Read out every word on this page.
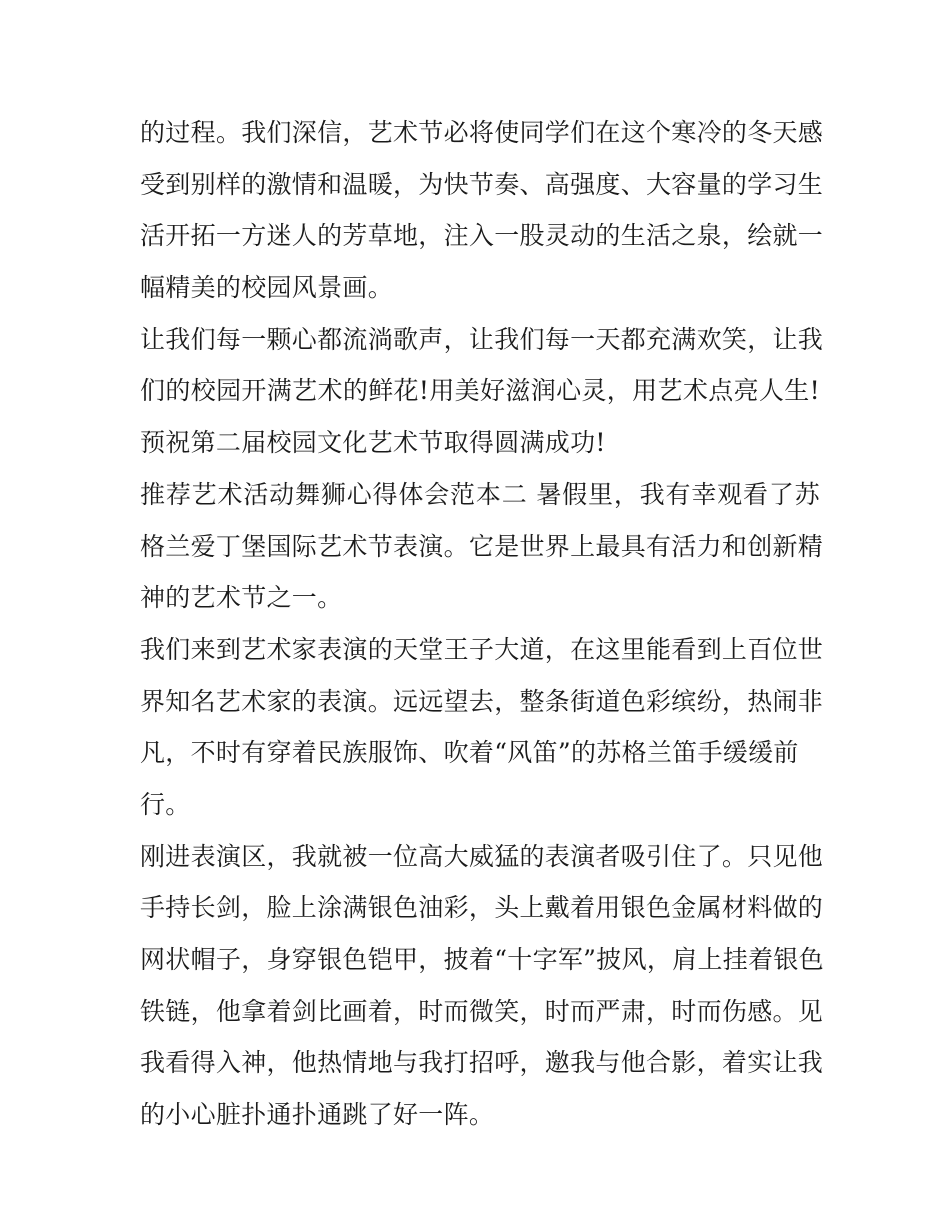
的过程。我们深信，艺术节必将使同学们在这个寒冷的冬天感
受到别样的激情和温暖，为快节奏、高强度、大容量的学习生
活开拓一方迷人的芳草地，注入一股灵动的生活之泉，绘就一
幅精美的校园风景画。
让我们每一颗心都流淌歌声，让我们每一天都充满欢笑，让我
们的校园开满艺术的鲜花!用美好滋润心灵，用艺术点亮人生!
预祝第二届校园文化艺术节取得圆满成功!
推荐艺术活动舞狮心得体会范本二 暑假里，我有幸观看了苏
格兰爱丁堡国际艺术节表演。它是世界上最具有活力和创新精
神的艺术节之一。
我们来到艺术家表演的天堂王子大道，在这里能看到上百位世
界知名艺术家的表演。远远望去，整条街道色彩缤纷，热闹非
凡，不时有穿着民族服饰、吹着“风笛”的苏格兰笛手缓缓前
行。
刚进表演区，我就被一位高大威猛的表演者吸引住了。只见他
手持长剑，脸上涂满银色油彩，头上戴着用银色金属材料做的
网状帽子，身穿银色铠甲，披着“十字军”披风，肩上挂着银色
铁链，他拿着剑比画着，时而微笑，时而严肃，时而伤感。见
我看得入神，他热情地与我打招呼，邀我与他合影，着实让我
的小心脏扑通扑通跳了好一阵。
